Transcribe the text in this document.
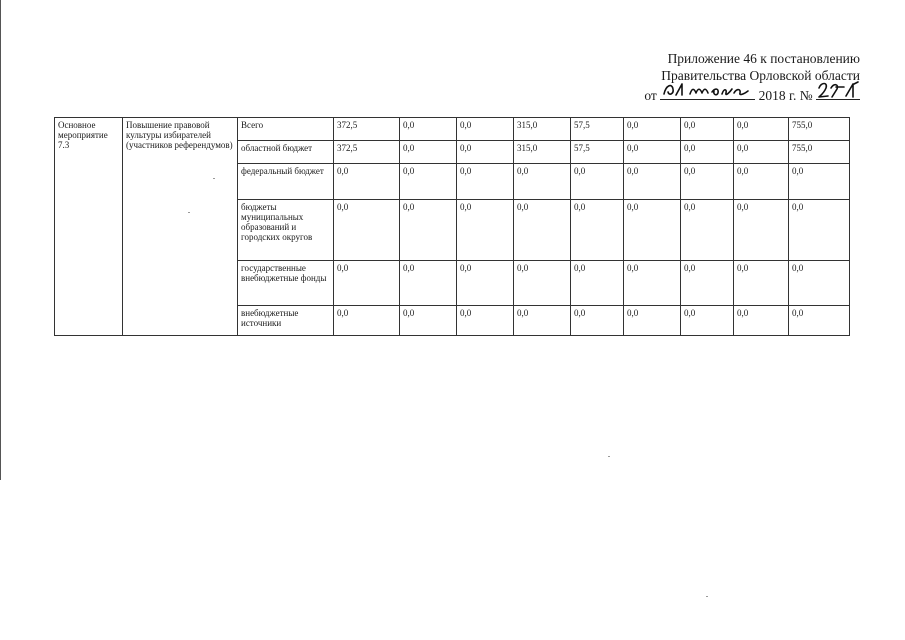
Приложение 46 к постановлению
Правительства Орловской области
от	2018 г. №
Основное мероприятие 7.3	Повышение правовой культуры избирателей (участников референдумов)	Всего	372,5	0,0	0,0	315,0	57,5	0,0	0,0	0,0	755,0
		областной бюджет	372,5	0,0	0,0	315,0	57,5	0,0	0,0	0,0	755,0
		федеральный бюджет	0,0	0,0	0,0	0,0	0,0	0,0	0,0	0,0	0,0
		бюджеты муниципальных образований и городских округов	0,0	0,0	0,0	0,0	0,0	0,0	0,0	0,0	0,0
		государственные внебюджетные фонды	0,0	0,0	0,0	0,0	0,0	0,0	0,0	0,0	0,0
		внебюджетные источники	0,0	0,0	0,0	0,0	0,0	0,0	0,0	0,0	0,0
